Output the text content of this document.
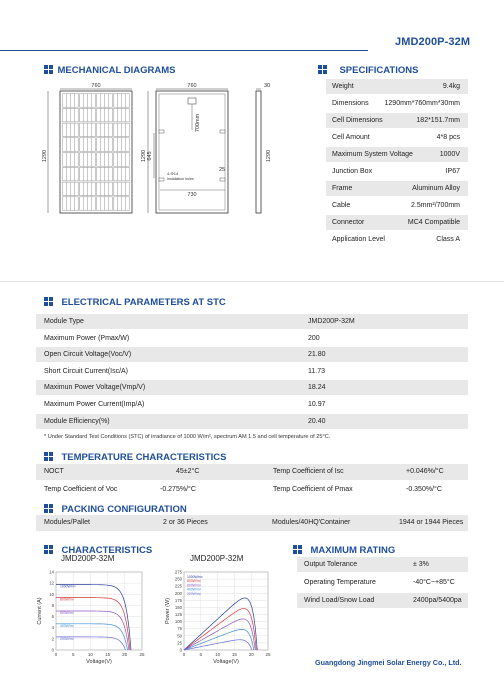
JMD200P-32M
MECHANICAL DIAGRAMS
760
1290
760
1290 645
700mm
25
730
4-Φ14
Installation holes
30
1290
SPECIFICATIONS
Weight	9.4kg
Dimensions 1290mm*760mm*30mm
Cell Dimensions	182*151.7mm
Cell Amount	4*8 pcs
Maximum System Voltage	1000V
Junction Box	IP67
Frame	Aluminum Alloy
Cable	2.5mm²/700mm
Connector	MC4 Compatible
Application Level	Class A
ELECTRICAL PARAMETERS AT STC
Module Type	JMD200P-32M
Maximum Power (Pmax/W)	200
Open Circuit Voltage(Voc/V)	21.80
Short Circuit Current(Isc/A)	11.73
Maximun Power Voltage(Vmp/V)	18.24
Maximum Power Current(Imp/A)	10.97
Module Efficiency(%)	20.40
* Under Standard Test Conditions (STC) of irradiance of 1000 W/m², spectrum AM 1.5 and cell temperature of 25°C.
TEMPERATURE CHARACTERISTICS
NOCT	45±2°C	Temp Coefficient of Isc	+0.046%/°C
Temp Coefficient of Voc	-0.275%/°C	Temp Coefficient of Pmax	-0.350%/°C
PACKING CONFIGURATION
Modules/Pallet	2 or 36 Pieces	Modules/40HQ'Container	1944 or 1944 Pieces
CHARACTERISTICS
JMD200P-32M	JMD200P-32M
0	5	10	15	20	25
0
2
4
6
8
10
12
14
Voltage(V)
Current (A)
1000W/m²
800W/m²
600W/m²
400W/m²
200W/m²
0	5	10	15	20	25
0
25
50
75
100
125
150
175
200
225
250
275
Voltage(V)
Power (W)
1000W/m²
800W/m²
600W/m²
400W/m²
200W/m²
MAXIMUM RATING
Output Tolerance	± 3%
Operating Temperature	-40°C~+85°C
Wind Load/Snow Load	2400pa/5400pa
Guangdong Jingmei Solar Energy Co., Ltd.
